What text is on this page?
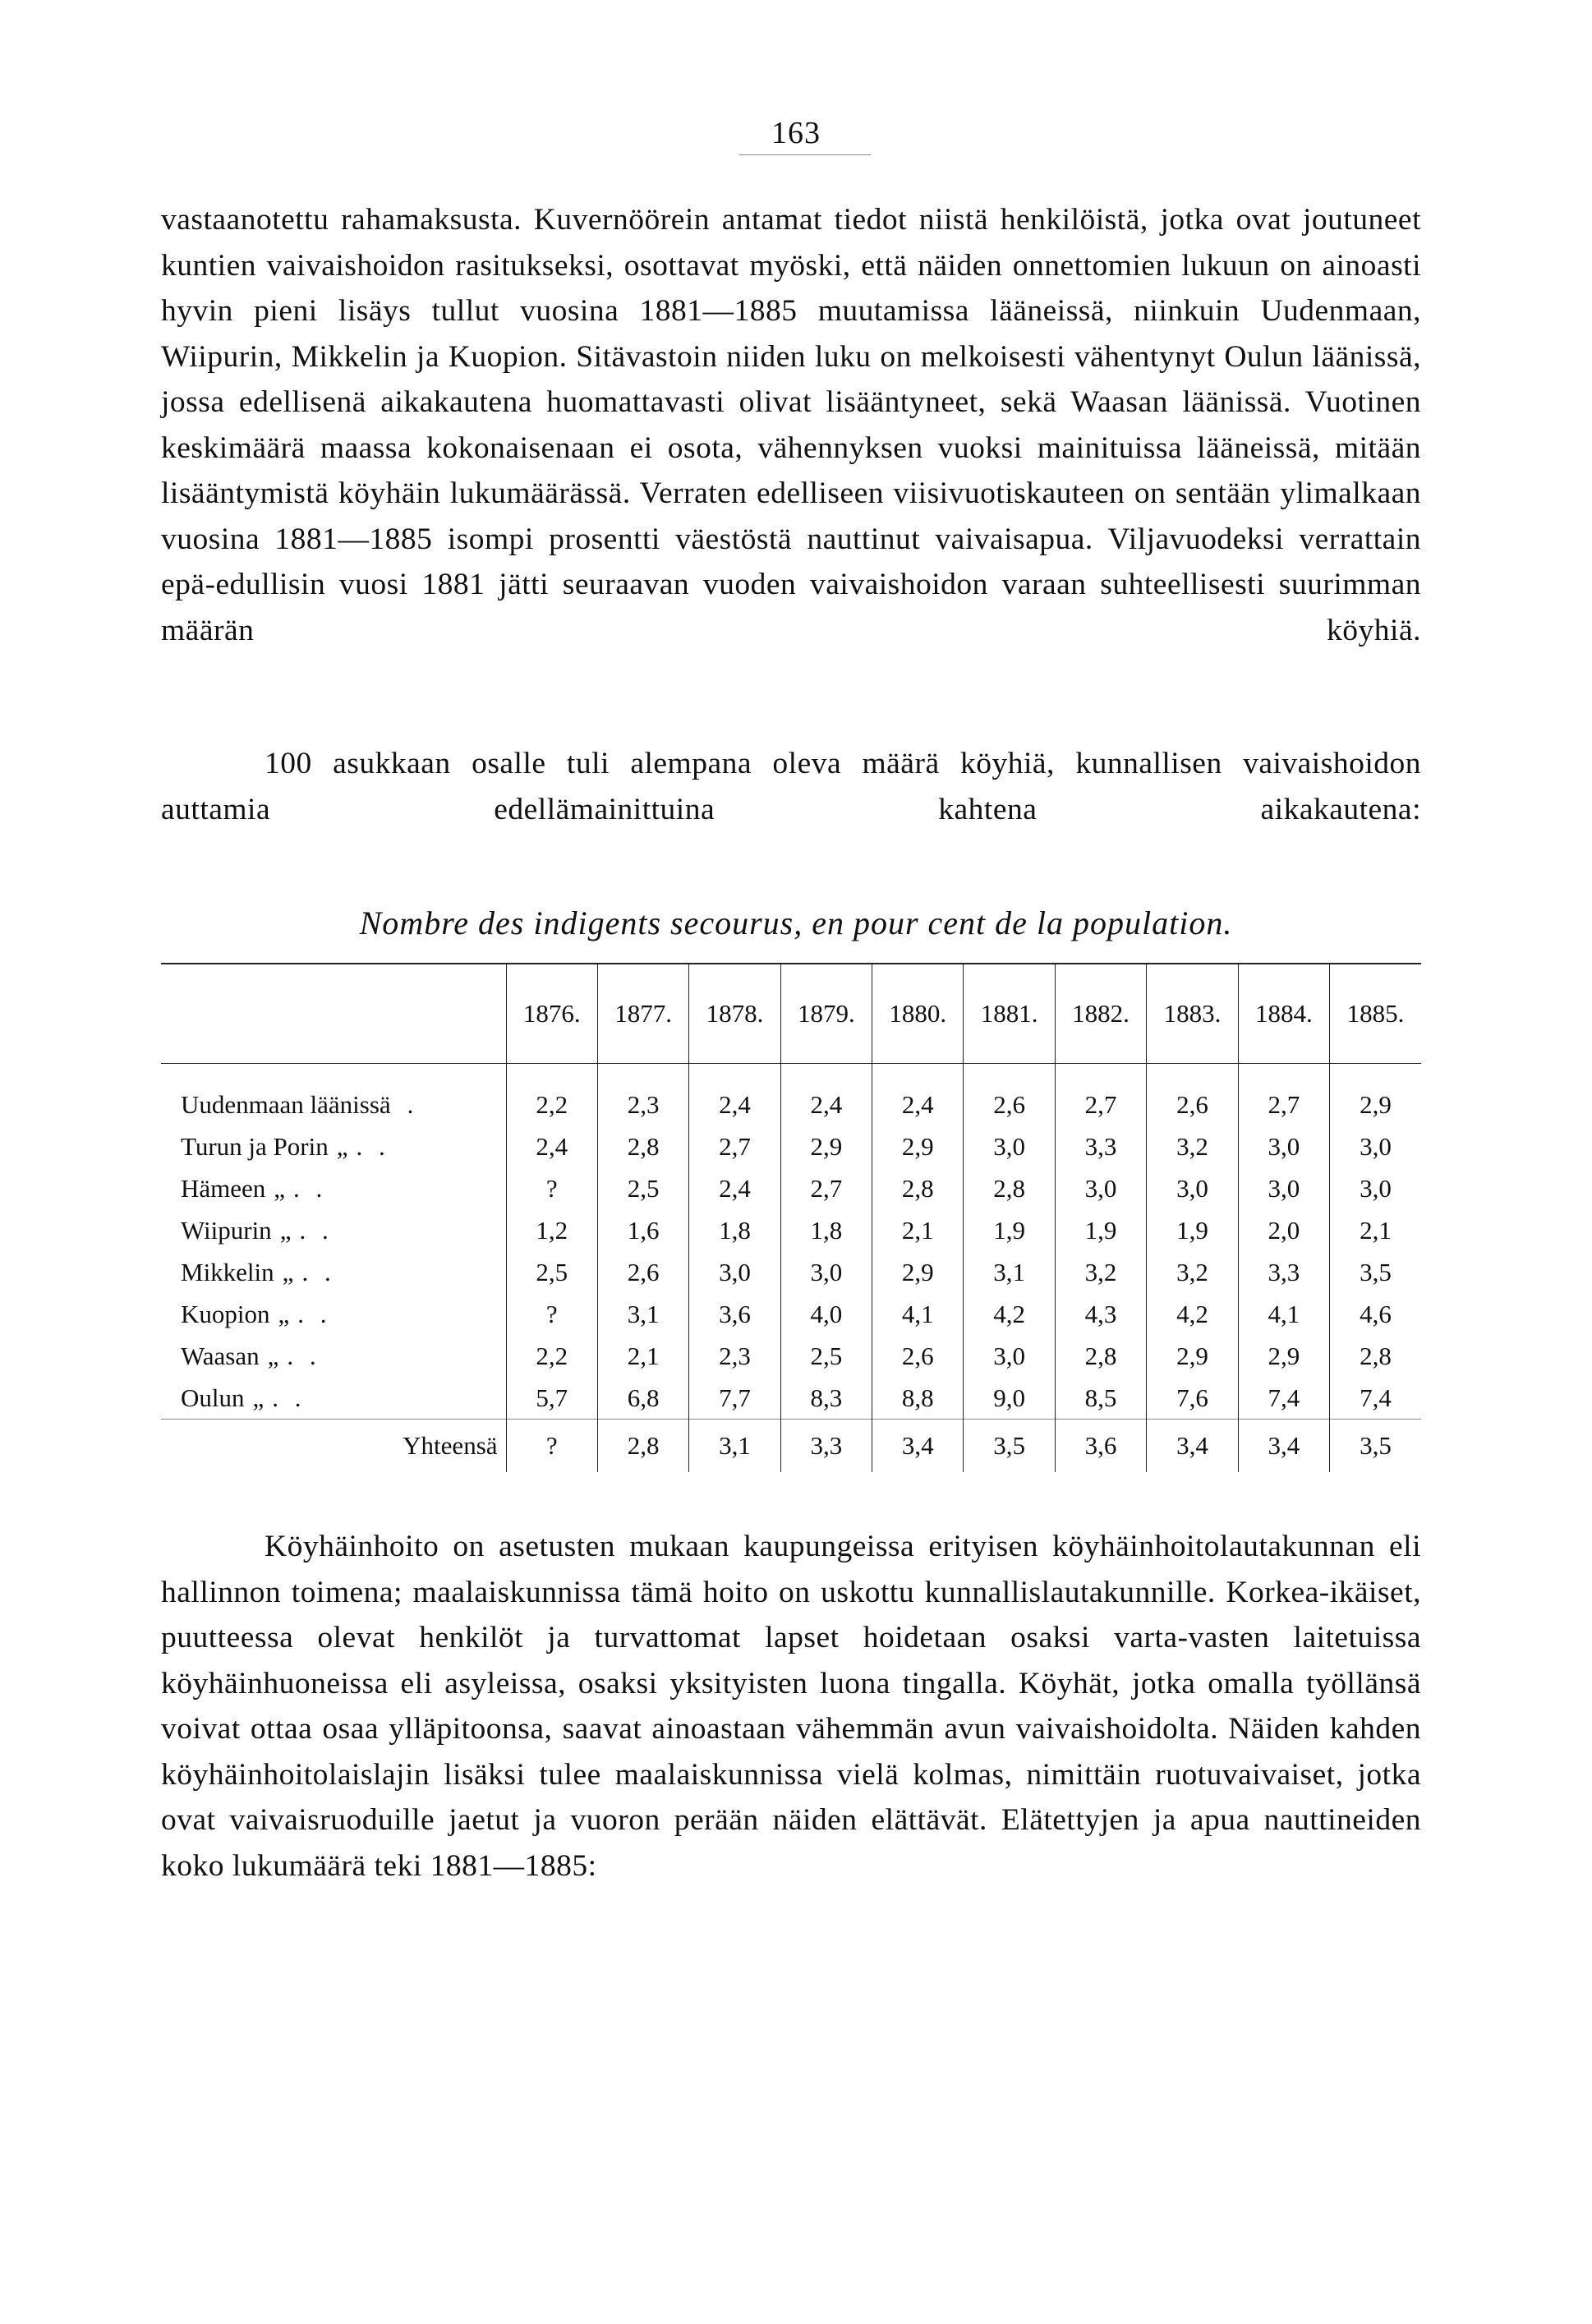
163

vastaanotettu rahamaksusta. Kuvernöörein antamat tiedot niistä henkilöistä, jotka ovat joutuneet kuntien vaivaishoidon rasitukseksi, osottavat myöski, että näiden onnettomien lukuun on ainoasti hyvin pieni lisäys tullut vuosina 1881—1885 muutamissa lääneissä, niinkuin Uudenmaan, Wiipurin, Mikkelin ja Kuopion. Sitävastoin niiden luku on melkoisesti vähentynyt Oulun läänissä, jossa edellisenä aikakautena huomattavasti olivat lisääntyneet, sekä Waasan läänissä. Vuotinen keskimäärä maassa kokonaisenaan ei osota, vähennyksen vuoksi mainituissa lääneissä, mitään lisääntymistä köyhäin lukumäärässä. Verraten edelliseen viisivuotiskauteen on sentään ylimalkaan vuosina 1881—1885 isompi prosentti väestöstä nauttinut vaivaisapua. Viljavuodeksi verrattain epä-edullisin vuosi 1881 jätti seuraavan vuoden vaivaishoidon varaan suhteellisesti suurimman määrän köyhiä.

100 asukkaan osalle tuli alempana oleva määrä köyhiä, kunnallisen vaivaishoidon auttamia edellämainittuina kahtena aikakautena:

Nombre des indigents secourus, en pour cent de la population.
	1876.	1877.	1878.	1879.	1880.	1881.	1882.	1883.	1884.	1885.

Uudenmaan läänissä .	2,2	2,3	2,4	2,4	2,4	2,6	2,7	2,6	2,7	2,9
Turun ja Porin „ . .	2,4	2,8	2,7	2,9	2,9	3,0	3,3	3,2	3,0	3,0
Hämeen „ . .	?	2,5	2,4	2,7	2,8	2,8	3,0	3,0	3,0	3,0
Wiipurin „ . .	1,2	1,6	1,8	1,8	2,1	1,9	1,9	1,9	2,0	2,1
Mikkelin „ . .	2,5	2,6	3,0	3,0	2,9	3,1	3,2	3,2	3,3	3,5
Kuopion „ . .	?	3,1	3,6	4,0	4,1	4,2	4,3	4,2	4,1	4,6
Waasan „ . .	2,2	2,1	2,3	2,5	2,6	3,0	2,8	2,9	2,9	2,8
Oulun „ . .	5,7	6,8	7,7	8,3	8,8	9,0	8,5	7,6	7,4	7,4
Yhteensä	?	2,8	3,1	3,3	3,4	3,5	3,6	3,4	3,4	3,5

Köyhäinhoito on asetusten mukaan kaupungeissa erityisen köyhäinhoitolautakunnan eli hallinnon toimena; maalaiskunnissa tämä hoito on uskottu kunnallislautakunnille. Korkea-ikäiset, puutteessa olevat henkilöt ja turvattomat lapset hoidetaan osaksi varta-vasten laitetuissa köyhäinhuoneissa eli asyleissa, osaksi yksityisten luona tingalla. Köyhät, jotka omalla työllänsä voivat ottaa osaa ylläpitoonsa, saavat ainoastaan vähemmän avun vaivaishoidolta. Näiden kahden köyhäinhoitolaislajin lisäksi tulee maalaiskunnissa vielä kolmas, nimittäin ruotuvaivaiset, jotka ovat vaivaisruoduille jaetut ja vuoron perään näiden elättävät. Elätettyjen ja apua nauttineiden koko lukumäärä teki 1881—1885:
